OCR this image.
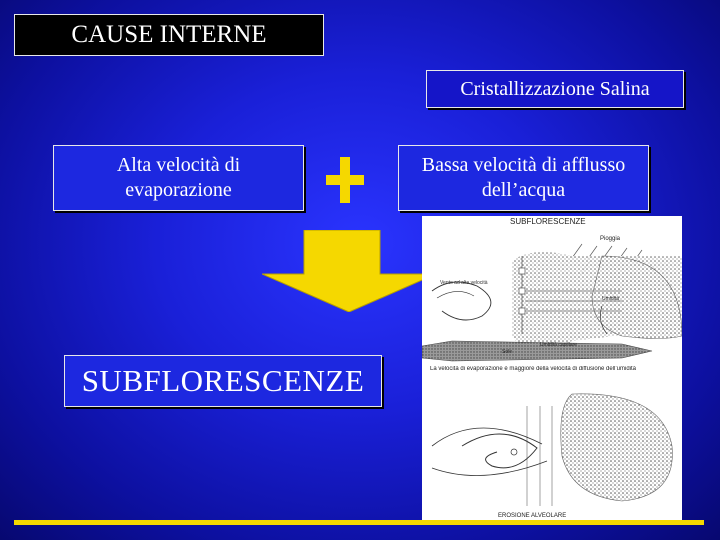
CAUSE INTERNE
Cristallizzazione Salina
Alta velocità di evaporazione
Bassa velocità di afflusso dell’acqua
SUBFLORESCENZE
SUBFLORESCENZE
Pioggia
Vento ad alta velocità
Umidità
Sole
Umidità capillare
La velocità di evaporazione è maggiore della velocità di diffusione dell’umidità
EROSIONE ALVEOLARE
